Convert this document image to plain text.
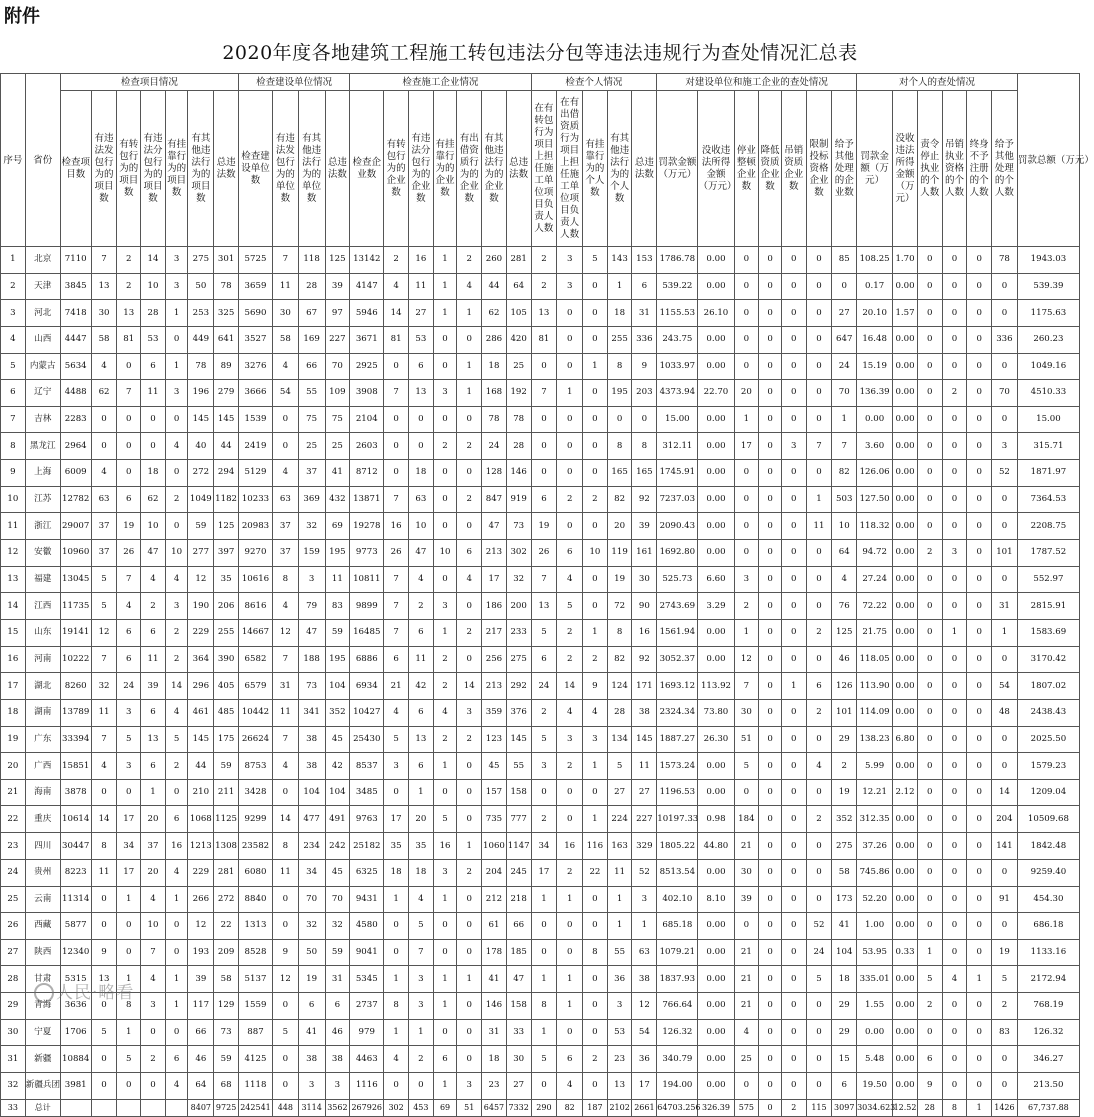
附件
2020年度各地建筑工程施工转包违法分包等违法违规行为查处情况汇总表
序号	省份	检查项目情况							检查建设单位情况				检查施工企业情况							检查个人情况					对建设单位和施工企业的查处情况							对个人的查处情况						罚款总额（万元）
		检查项目数	有违法发包行为的项目数	有转包行为的项目数	有违法分包行为的项目数	有挂靠行为的项目数	有其他违法行为的项目数	总违法数	检查建设单位数	有违法发包行为的单位数	有其他违法行为的单位数	总违法数	检查企业数	有转包行为的企业数	有违法分包行为的企业数	有挂靠行为的企业数	有出借资质行为的企业数	有其他违法行为的企业数	总违法数	在有转包行为项目上担任施工单位项目负责人人数	在有出借资质行为项目上担任施工单位项目负责人人数	有挂靠行为的个人数	有其他违法行为的个人数	总违法数	罚款金额（万元）	没收违法所得金额（万元）	停业整顿企业数	降低资质企业数	吊销资质企业数	限制投标资格企业数	给予其他处理的企业数	罚款金额（万元）	没收违法所得金额（万元）	责令停止执业的个人数	吊销执业资格的个人数	终身不予注册的个人数	给予其他处理的个人数	
1	北京	7110	7	2	14	3	275	301	5725	7	118	125	13142	2	16	1	2	260	281	2	3	5	143	153	1786.78	0.00	0	0	0	0	85	108.25	1.70	0	0	0	78	1943.03
2	天津	3845	13	2	10	3	50	78	3659	11	28	39	4147	4	11	1	4	44	64	2	3	0	1	6	539.22	0.00	0	0	0	0	0	0.17	0.00	0	0	0	0	539.39
3	河北	7418	30	13	28	1	253	325	5690	30	67	97	5946	14	27	1	1	62	105	13	0	0	18	31	1155.53	26.10	0	0	0	0	27	20.10	1.57	0	0	0	0	1175.63
4	山西	4447	58	81	53	0	449	641	3527	58	169	227	3671	81	53	0	0	286	420	81	0	0	255	336	243.75	0.00	0	0	0	0	647	16.48	0.00	0	0	0	336	260.23
5	内蒙古	5634	4	0	6	1	78	89	3276	4	66	70	2925	0	6	0	1	18	25	0	0	1	8	9	1033.97	0.00	0	0	0	0	24	15.19	0.00	0	0	0	0	1049.16
6	辽宁	4488	62	7	11	3	196	279	3666	54	55	109	3908	7	13	3	1	168	192	7	1	0	195	203	4373.94	22.70	20	0	0	0	70	136.39	0.00	0	2	0	70	4510.33
7	吉林	2283	0	0	0	0	145	145	1539	0	75	75	2104	0	0	0	0	78	78	0	0	0	0	0	15.00	0.00	1	0	0	0	1	0.00	0.00	0	0	0	0	15.00
8	黑龙江	2964	0	0	0	4	40	44	2419	0	25	25	2603	0	0	2	2	24	28	0	0	0	8	8	312.11	0.00	17	0	3	7	7	3.60	0.00	0	0	0	3	315.71
9	上海	6009	4	0	18	0	272	294	5129	4	37	41	8712	0	18	0	0	128	146	0	0	0	165	165	1745.91	0.00	0	0	0	0	82	126.06	0.00	0	0	0	52	1871.97
10	江苏	12782	63	6	62	2	1049	1182	10233	63	369	432	13871	7	63	0	2	847	919	6	2	2	82	92	7237.03	0.00	0	0	0	1	503	127.50	0.00	0	0	0	0	7364.53
11	浙江	29007	37	19	10	0	59	125	20983	37	32	69	19278	16	10	0	0	47	73	19	0	0	20	39	2090.43	0.00	0	0	0	11	10	118.32	0.00	0	0	0	0	2208.75
12	安徽	10960	37	26	47	10	277	397	9270	37	159	195	9773	26	47	10	6	213	302	26	6	10	119	161	1692.80	0.00	0	0	0	0	64	94.72	0.00	2	3	0	101	1787.52
13	福建	13045	5	7	4	4	12	35	10616	8	3	11	10811	7	4	0	4	17	32	7	4	0	19	30	525.73	6.60	3	0	0	0	4	27.24	0.00	0	0	0	0	552.97
14	江西	11735	5	4	2	3	190	206	8616	4	79	83	9899	7	2	3	0	186	200	13	5	0	72	90	2743.69	3.29	2	0	0	0	76	72.22	0.00	0	0	0	31	2815.91
15	山东	19141	12	6	6	2	229	255	14667	12	47	59	16485	7	6	1	2	217	233	5	2	1	8	16	1561.94	0.00	1	0	0	2	125	21.75	0.00	0	1	0	1	1583.69
16	河南	10222	7	6	11	2	364	390	6582	7	188	195	6886	6	11	2	0	256	275	6	2	2	82	92	3052.37	0.00	12	0	0	0	46	118.05	0.00	0	0	0	0	3170.42
17	湖北	8260	32	24	39	14	296	405	6579	31	73	104	6934	21	42	2	14	213	292	24	14	9	124	171	1693.12	113.92	7	0	1	6	126	113.90	0.00	0	0	0	54	1807.02
18	湖南	13789	11	3	6	4	461	485	10442	11	341	352	10427	4	6	4	3	359	376	2	4	4	28	38	2324.34	73.80	30	0	0	2	101	114.09	0.00	0	0	0	48	2438.43
19	广东	33394	7	5	13	5	145	175	26624	7	38	45	25430	5	13	2	2	123	145	5	3	3	134	145	1887.27	26.30	51	0	0	0	29	138.23	6.80	0	0	0	0	2025.50
20	广西	15851	4	3	6	2	44	59	8753	4	38	42	8537	3	6	1	0	45	55	3	2	1	5	11	1573.24	0.00	5	0	0	4	2	5.99	0.00	0	0	0	0	1579.23
21	海南	3878	0	0	1	0	210	211	3428	0	104	104	3485	0	1	0	0	157	158	0	0	0	27	27	1196.53	0.00	0	0	0	0	19	12.21	2.12	0	0	0	14	1209.04
22	重庆	10614	14	17	20	6	1068	1125	9299	14	477	491	9763	17	20	5	0	735	777	2	0	1	224	227	10197.33	0.98	184	0	0	2	352	312.35	0.00	0	0	0	204	10509.68
23	四川	30447	8	34	37	16	1213	1308	23582	8	234	242	25182	35	35	16	1	1060	1147	34	16	116	163	329	1805.22	44.80	21	0	0	0	275	37.26	0.00	0	0	0	141	1842.48
24	贵州	8223	11	17	20	4	229	281	6080	11	34	45	6325	18	18	3	2	204	245	17	2	22	11	52	8513.54	0.00	30	0	0	0	58	745.86	0.00	0	0	0	0	9259.40
25	云南	11314	0	1	4	1	266	272	8840	0	70	70	9431	1	4	1	0	212	218	1	1	0	1	3	402.10	8.10	39	0	0	0	173	52.20	0.00	0	0	0	91	454.30
26	西藏	5877	0	0	10	0	12	22	1313	0	32	32	4580	0	5	0	0	61	66	0	0	0	1	1	685.18	0.00	0	0	0	52	41	1.00	0.00	0	0	0	0	686.18
27	陕西	12340	9	0	7	0	193	209	8528	9	50	59	9041	0	7	0	0	178	185	0	0	8	55	63	1079.21	0.00	21	0	0	24	104	53.95	0.33	1	0	0	19	1133.16
28	甘肃	5315	13	1	4	1	39	58	5137	12	19	31	5345	1	3	1	1	41	47	1	1	0	36	38	1837.93	0.00	21	0	0	5	18	335.01	0.00	5	4	1	5	2172.94
29	青海	3636	0	8	3	1	117	129	1559	0	6	6	2737	8	3	1	0	146	158	8	1	0	3	12	766.64	0.00	21	0	0	0	29	1.55	0.00	2	0	0	2	768.19
30	宁夏	1706	5	1	0	0	66	73	887	5	41	46	979	1	1	0	0	31	33	1	0	0	53	54	126.32	0.00	4	0	0	0	29	0.00	0.00	0	0	0	83	126.32
31	新疆	10884	0	5	2	6	46	59	4125	0	38	38	4463	4	2	6	0	18	30	5	6	2	23	36	340.79	0.00	25	0	0	0	15	5.48	0.00	6	0	0	0	346.27
32	新疆兵团	3981	0	0	0	4	64	68	1118	0	3	3	1116	0	0	1	3	23	27	0	4	0	13	17	194.00	0.00	0	0	0	0	6	19.50	0.00	9	0	0	0	213.50
33	总计						8407	9725	242541	448	3114	3562	267926	302	453	69	51	6457	7332	290	82	187	2102	2661	64703.256	326.39	575	0	2	115	3097	3034.623	12.52	28	8	1	1426	67,737.88
人民·略看
